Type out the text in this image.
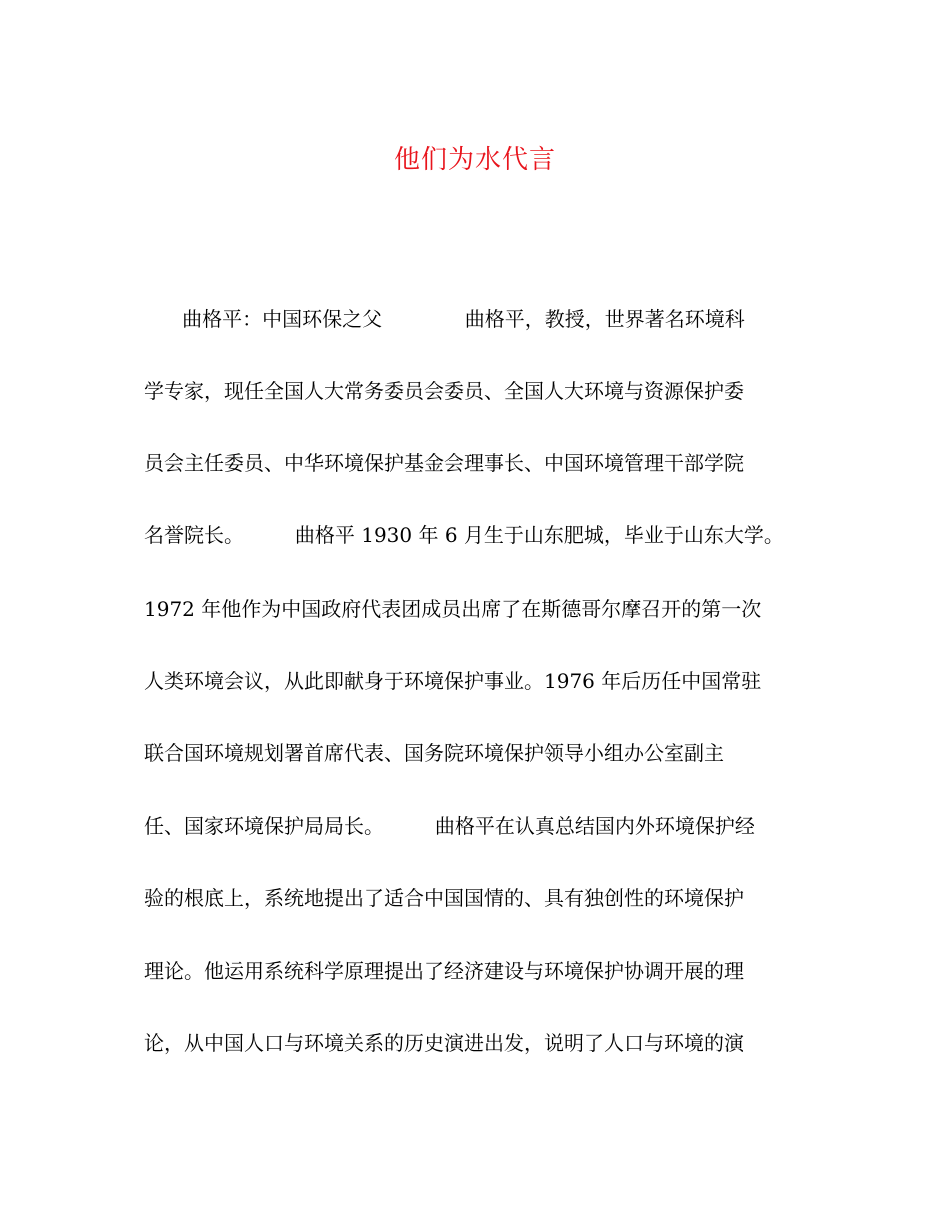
他们为水代言

曲格平：中国环保之父             曲格平，教授，世界著名环境科

学专家，现任全国人大常务委员会委员、全国人大环境与资源保护委

员会主任委员、中华环境保护基金会理事长、中国环境管理干部学院

名誉院长。        曲格平 1930 年 6 月生于山东肥城，毕业于山东大学。

1972 年他作为中国政府代表团成员出席了在斯德哥尔摩召开的第一次

人类环境会议，从此即献身于环境保护事业。1976 年后历任中国常驻

联合国环境规划署首席代表、国务院环境保护领导小组办公室副主

任、国家环境保护局局长。        曲格平在认真总结国内外环境保护经

验的根底上，系统地提出了适合中国国情的、具有独创性的环境保护

理论。他运用系统科学原理提出了经济建设与环境保护协调开展的理

论，从中国人口与环境关系的历史演进出发，说明了人口与环境的演
